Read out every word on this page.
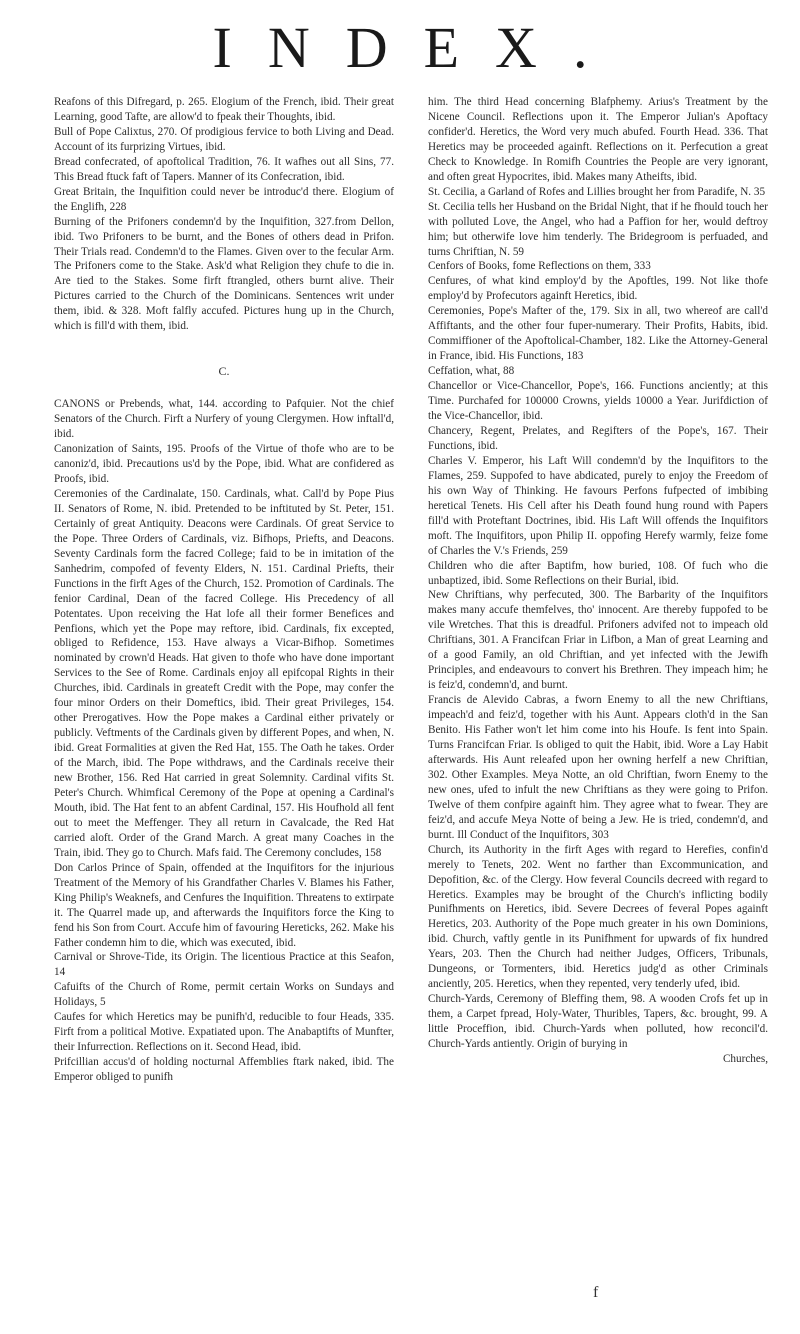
INDEX.

Reafons of this Difregard, p. 265. Elogium of the French, ibid. Their great Learning, good Tafte, are allow'd to fpeak their Thoughts, ibid.

Bull of Pope Calixtus, 270. Of prodigious fervice to both Living and Dead. Account of its furprizing Virtues, ibid.

Bread confecrated, of apoftolical Tradition, 76. It wafhes out all Sins, 77. This Bread ftuck faft of Tapers. Manner of its Confecration, ibid.

Great Britain, the Inquifition could never be introduc'd there. Elogium of the Englifh, 228

Burning of the Prifoners condemn'd by the Inquifition, 327.from Dellon, ibid. Two Prifoners to be burnt, and the Bones of others dead in Prifon. Their Trials read. Condemn'd to the Flames. Given over to the fecular Arm. The Prifoners come to the Stake. Ask'd what Religion they chufe to die in. Are tied to the Stakes. Some firft ftrangled, others burnt alive. Their Pictures carried to the Church of the Dominicans. Sentences writ under them, ibid. & 328. Moft falfly accufed. Pictures hung up in the Church, which is fill'd with them, ibid.

C.

CANONS or Prebends, what, 144. according to Pafquier. Not the chief Senators of the Church. Firft a Nurfery of young Clergymen. How inftall'd, ibid.

Canonization of Saints, 195. Proofs of the Virtue of thofe who are to be canoniz'd, ibid. Precautions us'd by the Pope, ibid. What are confidered as Proofs, ibid.

Ceremonies of the Cardinalate, 150. Cardinals, what. Call'd by Pope Pius II. Senators of Rome, N. ibid. Pretended to be inftituted by St. Peter, 151. Certainly of great Antiquity. Deacons were Cardinals. Of great Service to the Pope. Three Orders of Cardinals, viz. Bifhops, Priefts, and Deacons. Seventy Cardinals form the facred College; faid to be in imitation of the Sanhedrim, compofed of feventy Elders, N. 151. Cardinal Priefts, their Functions in the firft Ages of the Church, 152. Promotion of Cardinals. The fenior Cardinal, Dean of the facred College. His Precedency of all Potentates. Upon receiving the Hat lofe all their former Benefices and Penfions, which yet the Pope may reftore, ibid. Cardinals, fix excepted, obliged to Refidence, 153. Have always a Vicar-Bifhop. Sometimes nominated by crown'd Heads. Hat given to thofe who have done important Services to the See of Rome. Cardinals enjoy all epifcopal Rights in their Churches, ibid. Cardinals in greateft Credit with the Pope, may confer the four minor Orders on their Domeftics, ibid. Their great Privileges, 154. other Prerogatives. How the Pope makes a Cardinal either privately or publicly. Veftments of the Cardinals given by different Popes, and when, N. ibid. Great Formalities at given the Red Hat, 155. The Oath he takes. Order of the March, ibid. The Pope withdraws, and the Cardinals receive their new Brother, 156. Red Hat carried in great Solemnity. Cardinal vifits St. Peter's Church. Whimfical Ceremony of the Pope at opening a Cardinal's Mouth, ibid. The Hat fent to an abfent Cardinal, 157. His Houfhold all fent out to meet the Meffenger. They all return in Cavalcade, the Red Hat carried aloft. Order of the Grand March. A great many Coaches in the Train, ibid. They go to Church. Mafs faid. The Ceremony concludes, 158

Don Carlos Prince of Spain, offended at the Inquifitors for the injurious Treatment of the Memory of his Grandfather Charles V. Blames his Father, King Philip's Weaknefs, and Cenfures the Inquifition. Threatens to extirpate it. The Quarrel made up, and afterwards the Inquifitors force the King to fend his Son from Court. Accufe him of favouring Hereticks, 262. Make his Father condemn him to die, which was executed, ibid.

Carnival or Shrove-Tide, its Origin. The licentious Practice at this Seafon, 14

Cafuifts of the Church of Rome, permit certain Works on Sundays and Holidays, 5

Caufes for which Heretics may be punifh'd, reducible to four Heads, 335. Firft from a political Motive. Expatiated upon. The Anabaptifts of Munfter, their Infurrection. Reflections on it. Second Head, ibid.

Prifcillian accus'd of holding nocturnal Affemblies ftark naked, ibid. The Emperor obliged to punifh

him. The third Head concerning Blafphemy. Arius's Treatment by the Nicene Council. Reflections upon it. The Emperor Julian's Apoftacy confider'd. Heretics, the Word very much abufed. Fourth Head. 336. That Heretics may be proceeded againft. Reflections on it. Perfecution a great Check to Knowledge. In Romifh Countries the People are very ignorant, and often great Hypocrites, ibid. Makes many Atheifts, ibid.

St. Cecilia, a Garland of Rofes and Lillies brought her from Paradife, N. 35

St. Cecilia tells her Husband on the Bridal Night, that if he fhould touch her with polluted Love, the Angel, who had a Paffion for her, would deftroy him; but otherwife love him tenderly. The Bridegroom is perfuaded, and turns Chriftian, N. 59

Cenfors of Books, fome Reflections on them, 333

Cenfures, of what kind employ'd by the Apoftles, 199. Not like thofe employ'd by Profecutors againft Heretics, ibid.

Ceremonies, Pope's Mafter of the, 179. Six in all, two whereof are call'd Affiftants, and the other four fuper-numerary. Their Profits, Habits, ibid. Commiffioner of the Apoftolical-Chamber, 182. Like the Attorney-General in France, ibid. His Functions, 183

Ceffation, what, 88

Chancellor or Vice-Chancellor, Pope's, 166. Functions anciently; at this Time. Purchafed for 100000 Crowns, yields 10000 a Year. Jurifdiction of the Vice-Chancellor, ibid.

Chancery, Regent, Prelates, and Regifters of the Pope's, 167. Their Functions, ibid.

Charles V. Emperor, his Laft Will condemn'd by the Inquifitors to the Flames, 259. Suppofed to have abdicated, purely to enjoy the Freedom of his own Way of Thinking. He favours Perfons fufpected of imbibing heretical Tenets. His Cell after his Death found hung round with Papers fill'd with Proteftant Doctrines, ibid. His Laft Will offends the Inquifitors moft. The Inquifitors, upon Philip II. oppofing Herefy warmly, feize fome of Charles the V.'s Friends, 259

Children who die after Baptifm, how buried, 108. Of fuch who die unbaptized, ibid. Some Reflections on their Burial, ibid.

New Chriftians, why perfecuted, 300. The Barbarity of the Inquifitors makes many accufe themfelves, tho' innocent. Are thereby fuppofed to be vile Wretches. That this is dreadful. Prifoners advifed not to impeach old Chriftians, 301. A Francifcan Friar in Lifbon, a Man of great Learning and of a good Family, an old Chriftian, and yet infected with the Jewifh Principles, and endeavours to convert his Brethren. They impeach him; he is feiz'd, condemn'd, and burnt.

Francis de Alevido Cabras, a fworn Enemy to all the new Chriftians, impeach'd and feiz'd, together with his Aunt. Appears cloth'd in the San Benito. His Father won't let him come into his Houfe. Is fent into Spain. Turns Francifcan Friar. Is obliged to quit the Habit, ibid. Wore a Lay Habit afterwards. His Aunt releafed upon her owning herfelf a new Chriftian, 302. Other Examples. Meya Notte, an old Chriftian, fworn Enemy to the new ones, ufed to infult the new Chriftians as they were going to Prifon. Twelve of them confpire againft him. They agree what to fwear. They are feiz'd, and accufe Meya Notte of being a Jew. He is tried, condemn'd, and burnt. Ill Conduct of the Inquifitors, 303

Church, its Authority in the firft Ages with regard to Herefies, confin'd merely to Tenets, 202. Went no farther than Excommunication, and Depofition, &c. of the Clergy. How feveral Councils decreed with regard to Heretics. Examples may be brought of the Church's inflicting bodily Punifhments on Heretics, ibid. Severe Decrees of feveral Popes againft Heretics, 203. Authority of the Pope much greater in his own Dominions, ibid. Church, vaftly gentle in its Punifhment for upwards of fix hundred Years, 203. Then the Church had neither Judges, Officers, Tribunals, Dungeons, or Tormenters, ibid. Heretics judg'd as other Criminals anciently, 205. Heretics, when they repented, very tenderly ufed, ibid.

Church-Yards, Ceremony of Bleffing them, 98. A wooden Crofs fet up in them, a Carpet fpread, Holy-Water, Thuribles, Tapers, &c. brought, 99. A little Proceffion, ibid. Church-Yards when polluted, how reconcil'd. Church-Yards antiently. Origin of burying in

Churches,
f
